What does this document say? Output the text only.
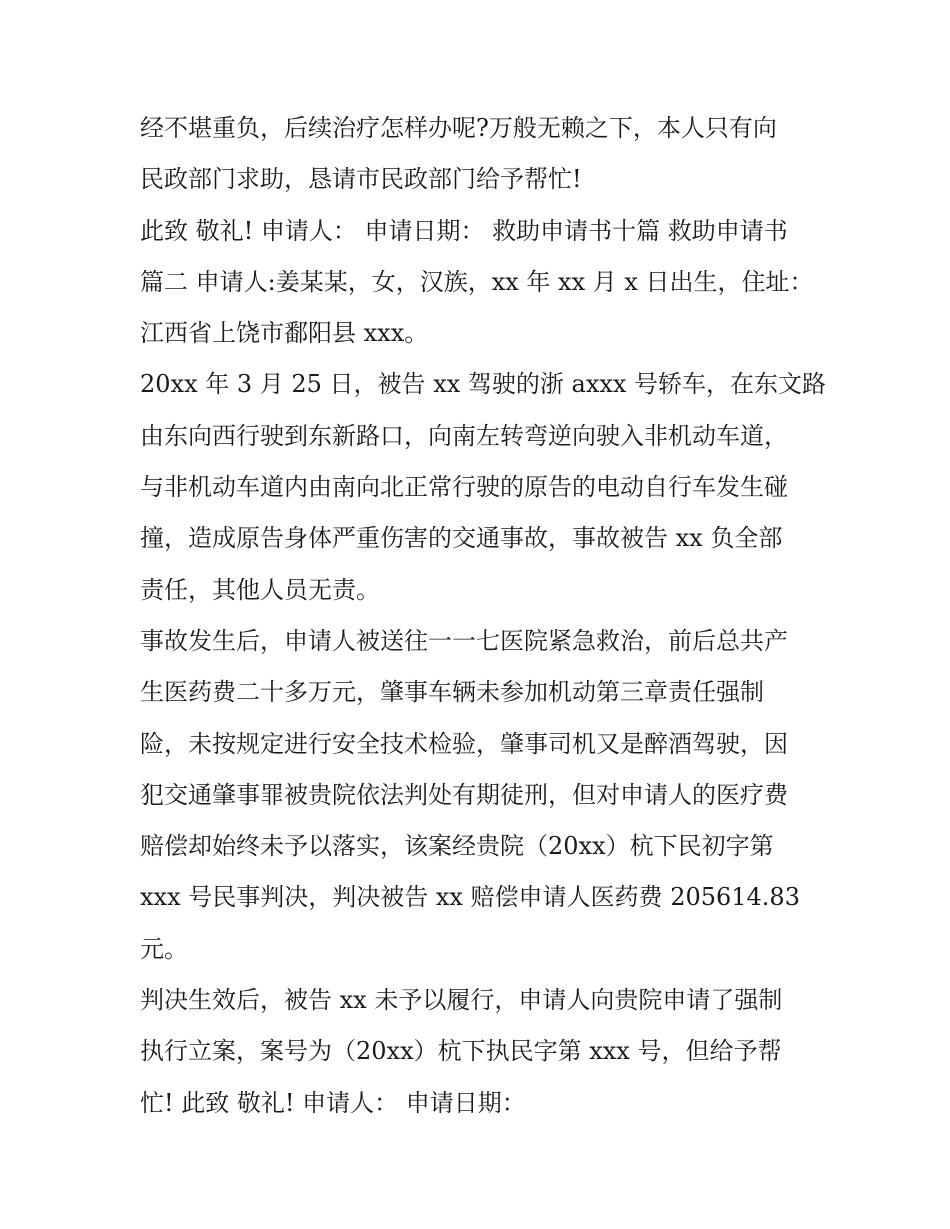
经不堪重负，后续治疗怎样办呢?万般无赖之下，本人只有向
民政部门求助，恳请市民政部门给予帮忙!
此致 敬礼! 申请人： 申请日期： 救助申请书十篇 救助申请书
篇二 申请人:姜某某，女，汉族，xx 年 xx 月 x 日出生，住址：
江西省上饶市鄱阳县 xxx。
20xx 年 3 月 25 日，被告 xx 驾驶的浙 axxx 号轿车，在东文路
由东向西行驶到东新路口，向南左转弯逆向驶入非机动车道，
与非机动车道内由南向北正常行驶的原告的电动自行车发生碰
撞，造成原告身体严重伤害的交通事故，事故被告 xx 负全部
责任，其他人员无责。
事故发生后，申请人被送往一一七医院紧急救治，前后总共产
生医药费二十多万元，肇事车辆未参加机动第三章责任强制
险，未按规定进行安全技术检验，肇事司机又是醉酒驾驶，因
犯交通肇事罪被贵院依法判处有期徒刑，但对申请人的医疗费
赔偿却始终未予以落实，该案经贵院（20xx）杭下民初字第
xxx 号民事判决，判决被告 xx 赔偿申请人医药费 205614.83
元。
判决生效后，被告 xx 未予以履行，申请人向贵院申请了强制
执行立案，案号为（20xx）杭下执民字第 xxx 号，但给予帮
忙! 此致 敬礼! 申请人： 申请日期：
